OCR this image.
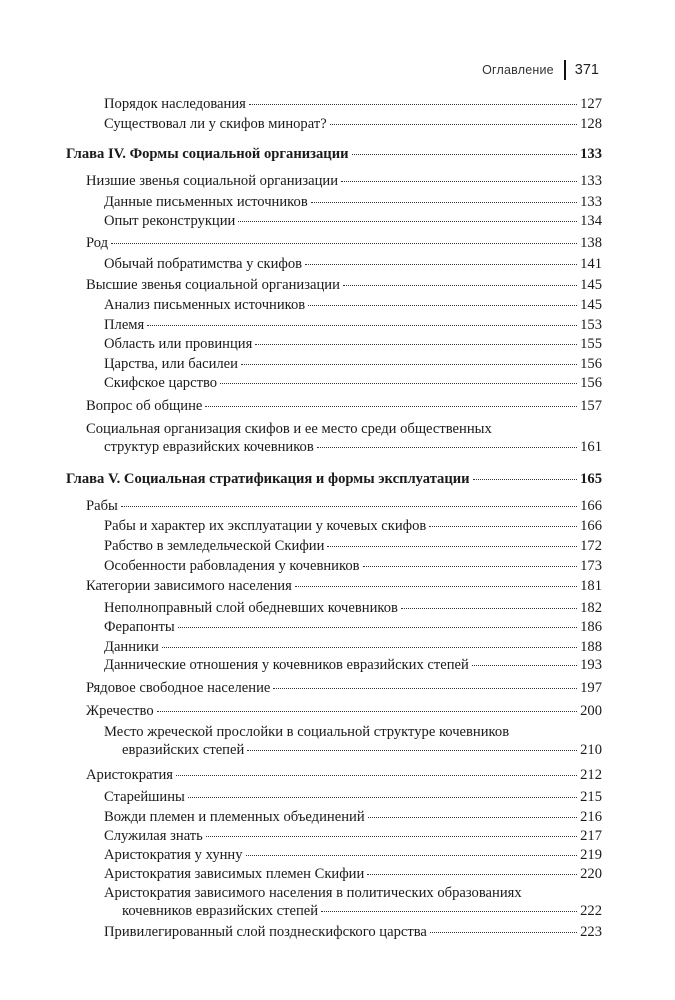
Оглавление 371
Порядок наследования	127
Существовал ли у скифов минорат?	128
Глава IV. Формы социальной организации	133
Низшие звенья социальной организации	133
Данные письменных источников	133
Опыт реконструкции	134
Род	138
Обычай побратимства у скифов	141
Высшие звенья социальной организации	145
Анализ письменных источников	145
Племя	153
Область или провинция	155
Царства, или басилеи	156
Скифское царство	156
Вопрос об общине	157
Социальная организация скифов и ее место среди общественных
структур евразийских кочевников	161
Глава V. Социальная стратификация и формы эксплуатации	165
Рабы	166
Рабы и характер их эксплуатации у кочевых скифов	166
Рабство в земледельческой Скифии	172
Особенности рабовладения у кочевников	173
Категории зависимого населения	181
Неполноправный слой обедневших кочевников	182
Ферапонты	186
Данники	188
Даннические отношения у кочевников евразийских степей	193
Рядовое свободное население	197
Жречество	200
Место жреческой прослойки в социальной структуре кочевников
евразийских степей	210
Аристократия	212
Старейшины	215
Вожди племен и племенных объединений	216
Служилая знать	217
Аристократия у хунну	219
Аристократия зависимых племен Скифии	220
Аристократия зависимого населения в политических образованиях
кочевников евразийских степей	222
Привилегированный слой позднескифского царства	223
